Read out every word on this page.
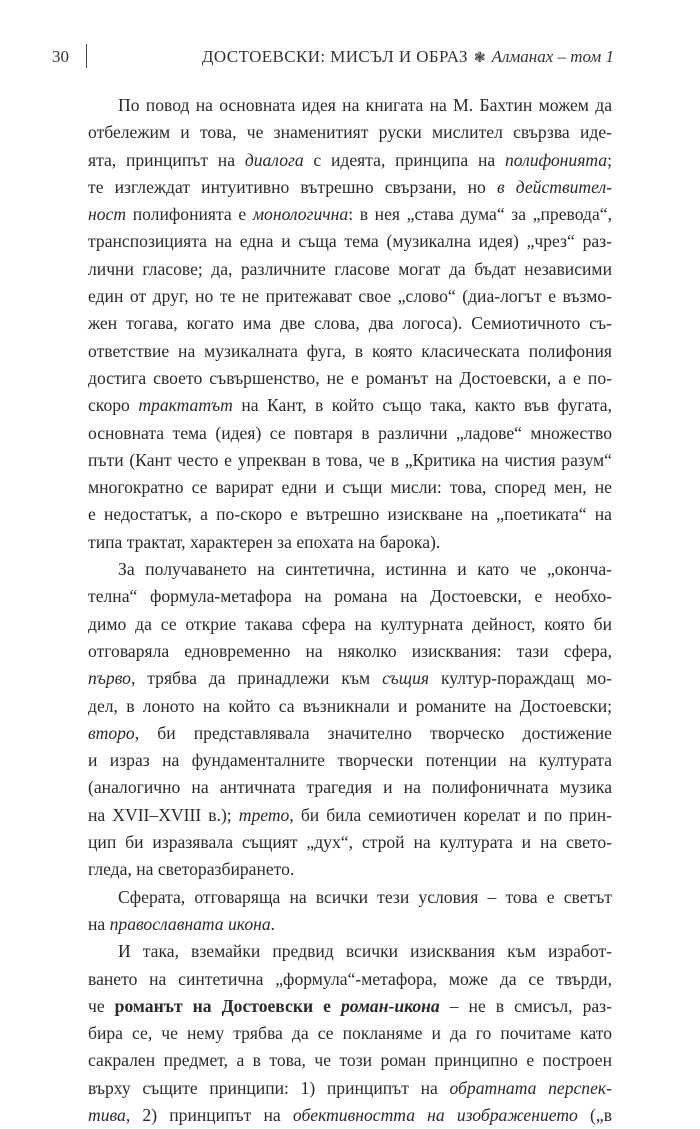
30	ДОСТОЕВСКИ: МИСЪЛ И ОБРАЗ ❃ Алманах – том 1
По повод на основната идея на книгата на М. Бахтин можем да
отбележим и това, че знаменитият руски мислител свързва иде-
ята, принципът на диалога с идеята, принципа на полифонията;
те изглеждат интуитивно вътрешно свързани, но в действител-
ност полифонията е монологична: в нея „става дума“ за „превода“,
транспозицията на една и съща тема (музикална идея) „чрез“ раз-
лични гласове; да, различните гласове могат да бъдат независими
един от друг, но те не притежават свое „слово“ (диа-логът е възмо-
жен тогава, когато има две слова, два логоса). Семиотичното съ-
ответствие на музикалната фуга, в която класическата полифония
достига своето съвършенство, не е романът на Достоевски, а е по-
скоро трактатът на Кант, в който също така, както във фугата,
основната тема (идея) се повтаря в различни „ладове“ множество
пъти (Кант често е упрекван в това, че в „Критика на чистия разум“
многократно се варират едни и същи мисли: това, според мен, не
е недостатък, а по-скоро е вътрешно изискване на „поетиката“ на
типа трактат, характерен за епохата на барока).
За получаването на синтетична, истинна и като че „оконча-
телна“ формула-метафора на романа на Достоевски, е необхо-
димо да се открие такава сфера на културната дейност, която би
отговаряла едновременно на няколко изисквания: тази сфера,
първо, трябва да принадлежи към същия култур-пораждащ мо-
дел, в лоното на който са възникнали и романите на Достоевски;
второ, би представлявала значително творческо достижение
и израз на фундаменталните творчески потенции на културата
(аналогично на античната трагедия и на полифоничната музика
на XVII–XVIII в.); трето, би била семиотичен корелат и по прин-
цип би изразявала същият „дух“, строй на културата и на свето-
гледа, на светоразбирането.
Сферата, отговаряща на всички тези условия – това е светът
на православната икона.
И така, вземайки предвид всички изисквания към изработ-
ването на синтетична „формула“-метафора, може да се твърди,
че романът на Достоевски е роман-икона – не в смисъл, раз-
бира се, че нему трябва да се покланяме и да го почитаме като
сакрален предмет, а в това, че този роман принципно е построен
върху същите принципи: 1) принципът на обратната перспек-
тива, 2) принципът на обективността на изображението („в
